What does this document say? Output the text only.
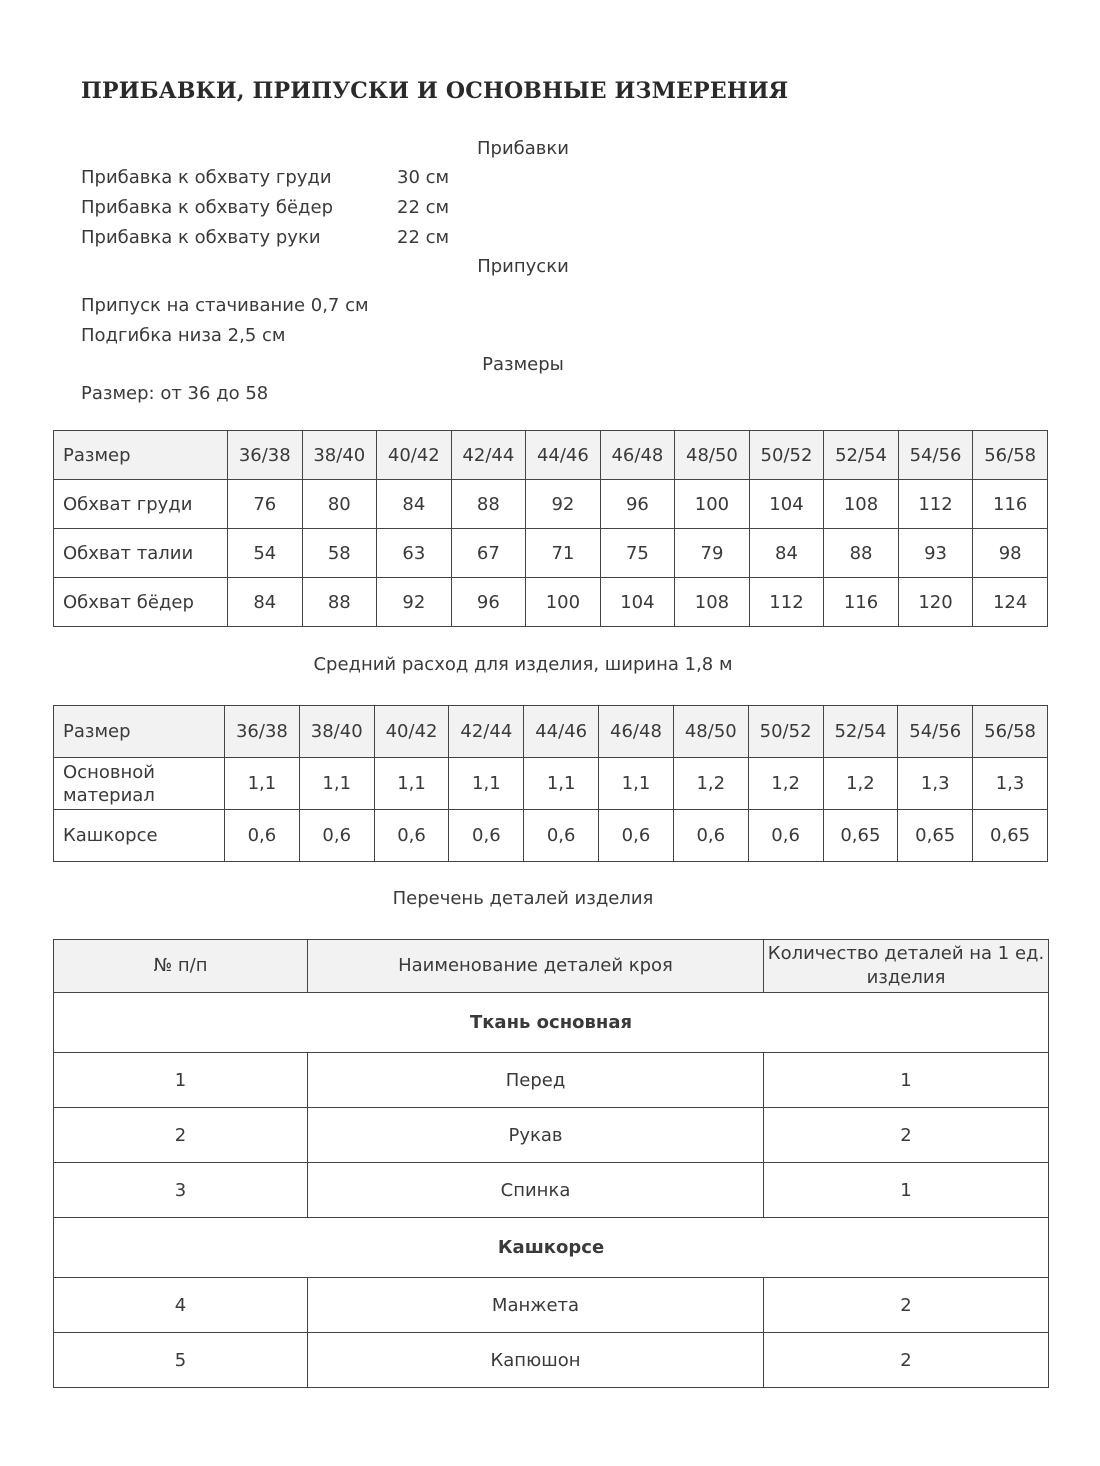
ПРИБАВКИ, ПРИПУСКИ И ОСНОВНЫЕ ИЗМЕРЕНИЯ
Прибавки
Прибавка к обхвату груди	30 см
Прибавка к обхвату бёдер	22 см
Прибавка к обхвату руки	22 см
Припуски
Припуск на стачивание 0,7 см
Подгибка низа 2,5 см
Размеры
Размер: от 36 до 58
Размер	36/38	38/40	40/42	42/44	44/46	46/48	48/50	50/52	52/54	54/56	56/58
Обхват груди	76	80	84	88	92	96	100	104	108	112	116
Обхват талии	54	58	63	67	71	75	79	84	88	93	98
Обхват бёдер	84	88	92	96	100	104	108	112	116	120	124
Средний расход для изделия, ширина 1,8 м
Размер	36/38	38/40	40/42	42/44	44/46	46/48	48/50	50/52	52/54	54/56	56/58
Основной материал	1,1	1,1	1,1	1,1	1,1	1,1	1,2	1,2	1,2	1,3	1,3
Кашкорсе	0,6	0,6	0,6	0,6	0,6	0,6	0,6	0,6	0,65	0,65	0,65
Перечень деталей изделия
№ п/п	Наименование деталей кроя	Количество деталей на 1 ед. изделия
Ткань основная		
1	Перед	1
2	Рукав	2
3	Спинка	1
Кашкорсе		
4	Манжета	2
5	Капюшон	2
